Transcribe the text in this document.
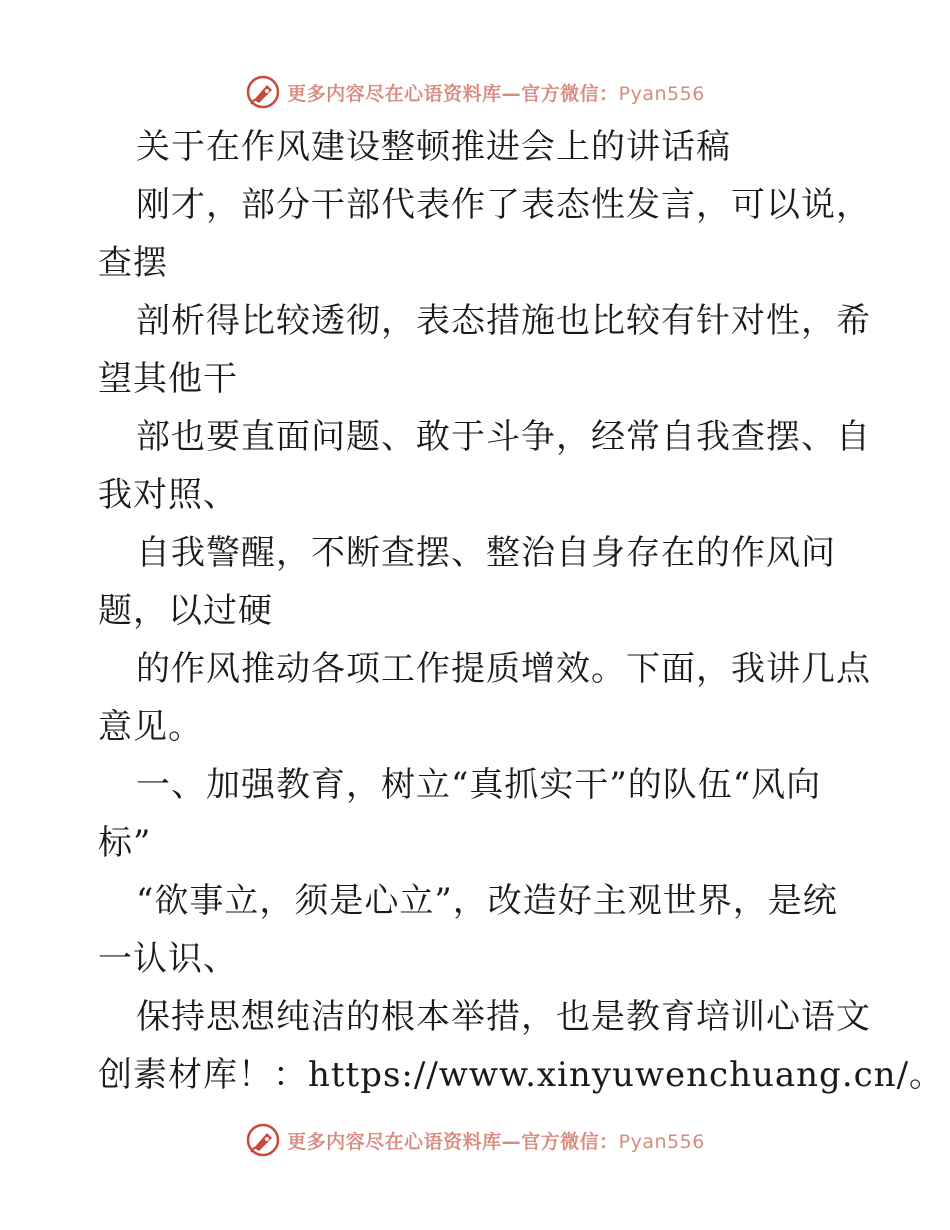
更多内容尽在心语资料库—官方微信：Pyan556
关于在作风建设整顿推进会上的讲话稿
刚才，部分干部代表作了表态性发言，可以说，
查摆
剖析得比较透彻，表态措施也比较有针对性，希
望其他干
部也要直面问题、敢于斗争，经常自我查摆、自
我对照、
自我警醒，不断查摆、整治自身存在的作风问
题，以过硬
的作风推动各项工作提质增效。下面，我讲几点
意见。
一、加强教育，树立“真抓实干”的队伍“风向
标”
“欲事立，须是心立”，改造好主观世界，是统
一认识、
保持思想纯洁的根本举措，也是教育培训心语文
创素材库！：https://www.xinyuwenchuang.cn/。
更多内容尽在心语资料库—官方微信：Pyan556
